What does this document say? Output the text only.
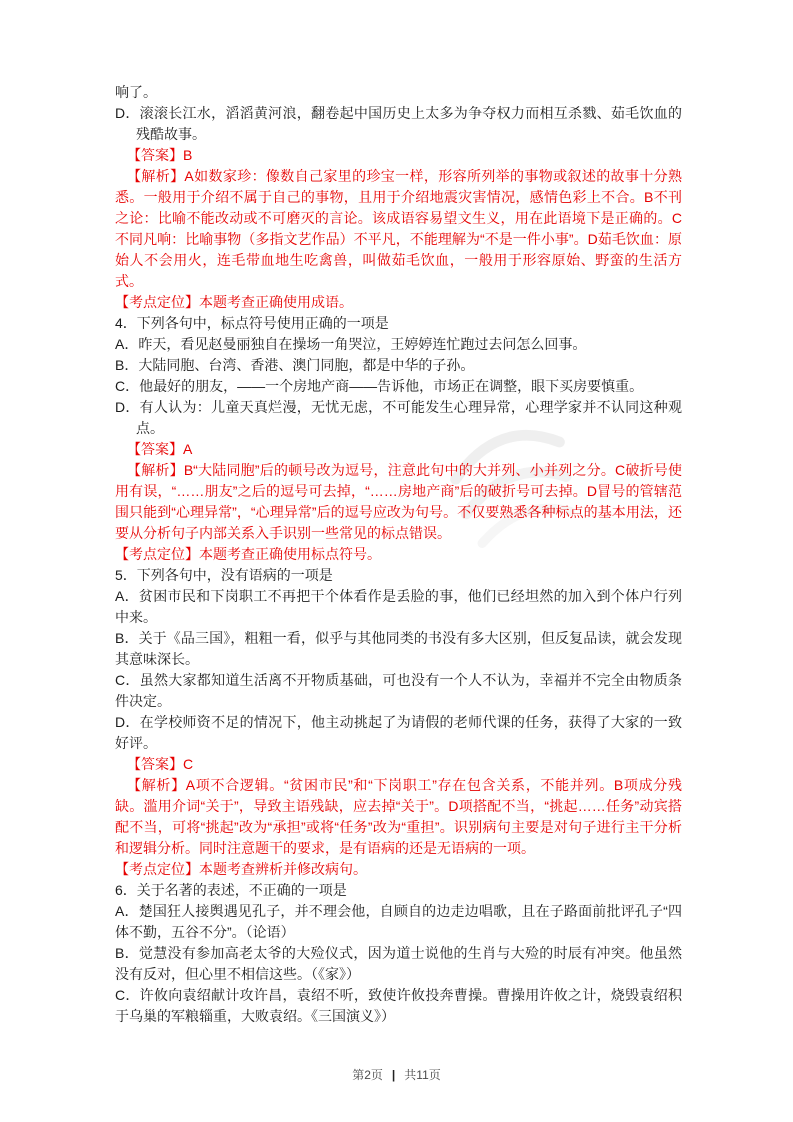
响了。

D．滚滚长江水，滔滔黄河浪，翻卷起中国历史上太多为争夺权力而相互杀戮、茹毛饮血的残酷故事。

【答案】B

【解析】A如数家珍：像数自己家里的珍宝一样，形容所列举的事物或叙述的故事十分熟悉。一般用于介绍不属于自己的事物，且用于介绍地震灾害情况，感情色彩上不合。B不刊之论：比喻不能改动或不可磨灭的言论。该成语容易望文生义，用在此语境下是正确的。C不同凡响：比喻事物（多指文艺作品）不平凡，不能理解为“不是一件小事”。D茹毛饮血：原始人不会用火，连毛带血地生吃禽兽，叫做茹毛饮血，一般用于形容原始、野蛮的生活方式。

【考点定位】本题考查正确使用成语。

4．下列各句中，标点符号使用正确的一项是

A．昨天，看见赵曼丽独自在操场一角哭泣，王婷婷连忙跑过去问怎么回事。

B．大陆同胞、台湾、香港、澳门同胞，都是中华的子孙。

C．他最好的朋友，——一个房地产商——告诉他，市场正在调整，眼下买房要慎重。

D．有人认为：儿童天真烂漫，无忧无虑，不可能发生心理异常，心理学家并不认同这种观点。

【答案】A

【解析】B“大陆同胞”后的顿号改为逗号，注意此句中的大并列、小并列之分。C破折号使用有误，“……朋友”之后的逗号可去掉，“……房地产商”后的破折号可去掉。D冒号的管辖范围只能到“心理异常”，“心理异常”后的逗号应改为句号。不仅要熟悉各种标点的基本用法，还要从分析句子内部关系入手识别一些常见的标点错误。

【考点定位】本题考查正确使用标点符号。

5．下列各句中，没有语病的一项是

A．贫困市民和下岗职工不再把干个体看作是丢脸的事，他们已经坦然的加入到个体户行列中来。

B．关于《品三国》，粗粗一看，似乎与其他同类的书没有多大区别，但反复品读，就会发现其意味深长。

C．虽然大家都知道生活离不开物质基础，可也没有一个人不认为，幸福并不完全由物质条件决定。

D．在学校师资不足的情况下，他主动挑起了为请假的老师代课的任务，获得了大家的一致好评。

【答案】C

【解析】A项不合逻辑。“贫困市民”和“下岗职工”存在包含关系，不能并列。B项成分残缺。滥用介词“关于”，导致主语残缺，应去掉“关于”。D项搭配不当，“挑起……任务”动宾搭配不当，可将“挑起”改为“承担”或将“任务”改为“重担”。识别病句主要是对句子进行主干分析和逻辑分析。同时注意题干的要求，是有语病的还是无语病的一项。

【考点定位】本题考查辨析并修改病句。

6．关于名著的表述，不正确的一项是

A．楚国狂人接舆遇见孔子，并不理会他，自顾自的边走边唱歌，且在子路面前批评孔子“四体不勤，五谷不分”。（论语）

B．觉慧没有参加高老太爷的大殓仪式，因为道士说他的生肖与大殓的时辰有冲突。他虽然没有反对，但心里不相信这些。（《家》）

C．许攸向袁绍献计攻许昌，袁绍不听，致使许攸投奔曹操。曹操用许攸之计，烧毁袁绍积于乌巢的军粮辎重，大败袁绍。《三国演义》）

第2页 | 共11页
